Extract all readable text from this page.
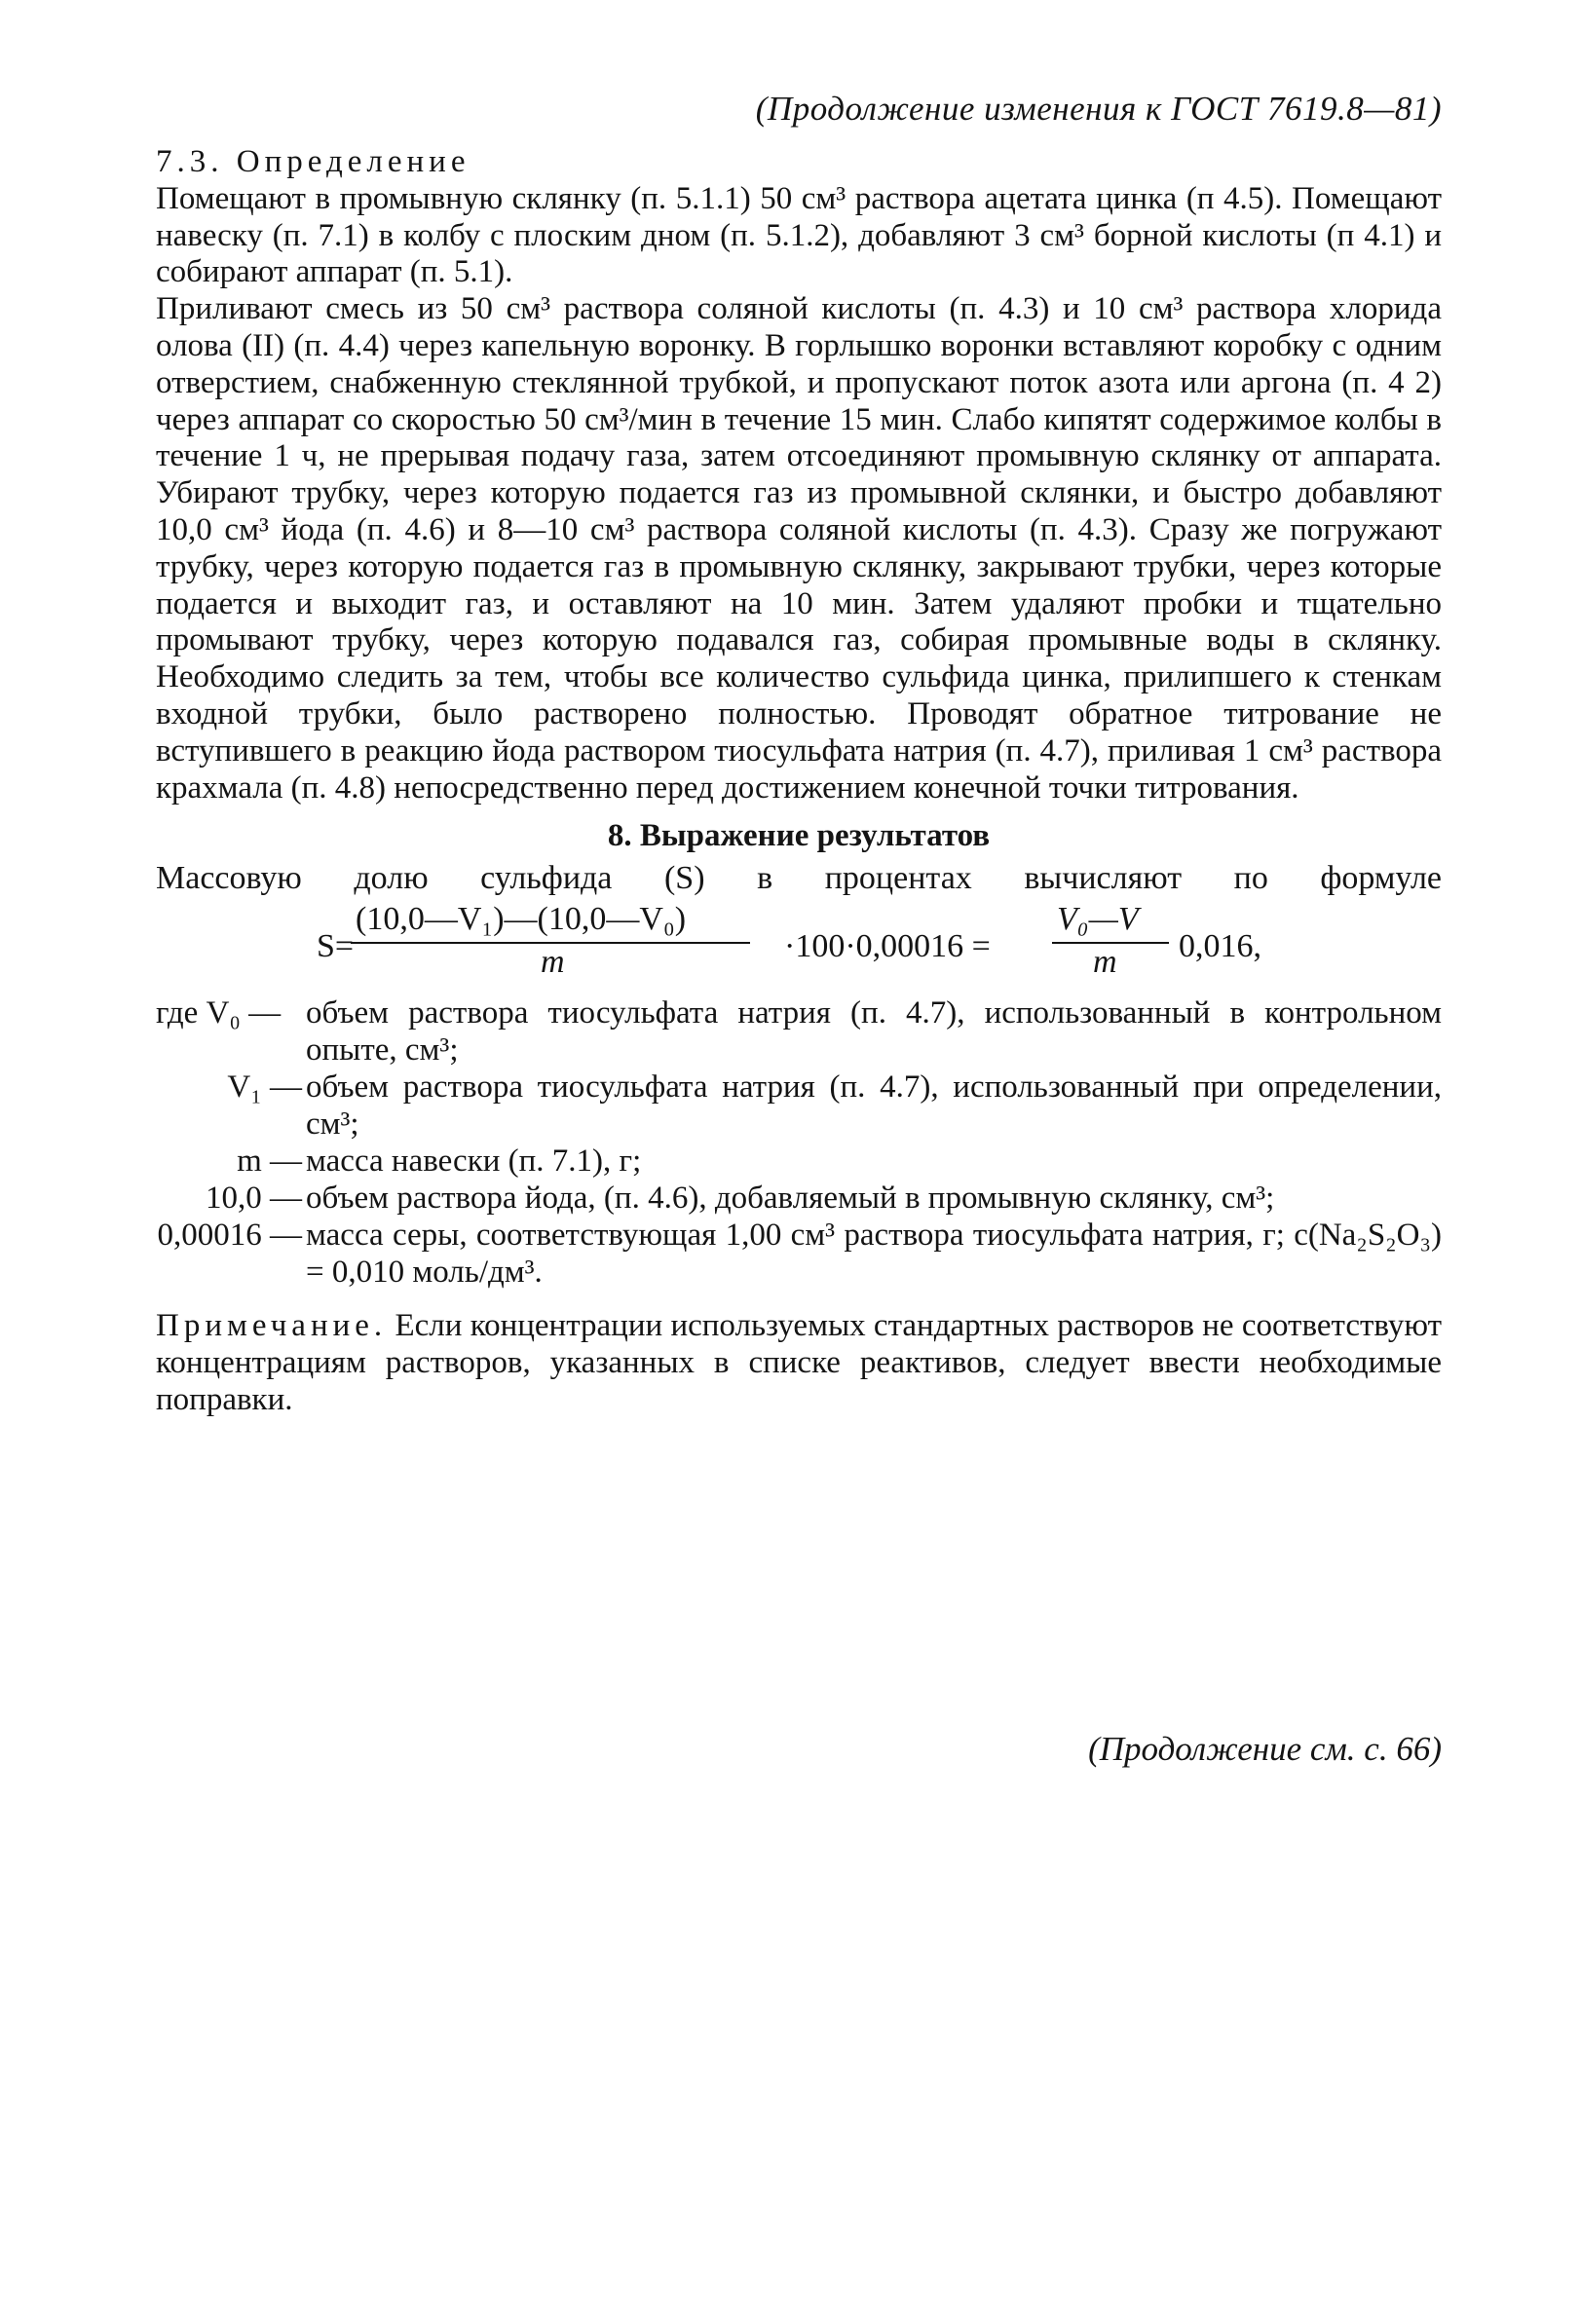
(Продолжение изменения к ГОСТ 7619.8—81)

7.3. Определение

Помещают в промывную склянку (п. 5.1.1) 50 см³ раствора ацетата цинка (п 4.5). Помещают навеску (п. 7.1) в колбу с плоским дном (п. 5.1.2), добавляют 3 см³ борной кислоты (п 4.1) и собирают аппарат (п. 5.1).

Приливают смесь из 50 см³ раствора соляной кислоты (п. 4.3) и 10 см³ раствора хлорида олова (II) (п. 4.4) через капельную воронку. В горлышко воронки вставляют коробку с одним отверстием, снабженную стеклянной трубкой, и пропускают поток азота или аргона (п. 4 2) через аппарат со скоростью 50 см³/мин в течение 15 мин. Слабо кипятят содержимое колбы в течение 1 ч, не прерывая подачу газа, затем отсоединяют промывную склянку от аппарата. Убирают трубку, через которую подается газ из промывной склянки, и быстро добавляют 10,0 см³ йода (п. 4.6) и 8—10 см³ раствора соляной кислоты (п. 4.3). Сразу же погружают трубку, через которую подается газ в промывную склянку, закрывают трубки, через которые подается и выходит газ, и оставляют на 10 мин. Затем удаляют пробки и тщательно промывают трубку, через которую подавался газ, собирая промывные воды в склянку. Необходимо следить за тем, чтобы все количество сульфида цинка, прилипшего к стенкам входной трубки, было растворено полностью. Проводят обратное титрование не вступившего в реакцию йода раствором тиосульфата натрия (п. 4.7), приливая 1 см³ раствора крахмала (п. 4.8) непосредственно перед достижением конечной точки титрования.

8. Выражение результатов

Массовую долю сульфида (S) в процентах вычисляют по формуле

S=
(10,0—V₁)—(10,0—V₀)
m	·100·0,00016 =
V₀—V
m 0,016,
где V₀ — объем раствора тиосульфата натрия (п. 4.7), использованный в контрольном опыте, см³;
V₁ — объем раствора тиосульфата натрия (п. 4.7), использованный при определении, см³;
m — масса навески (п. 7.1), г;
10,0 — объем раствора йода, (п. 4.6), добавляемый в промывную склянку, см³;
0,00016 — масса серы, соответствующая 1,00 см³ раствора тиосульфата натрия, г; c(Na₂S₂O₃) = 0,010 моль/дм³.

Примечание. Если концентрации используемых стандартных растворов не соответствуют концентрациям растворов, указанных в списке реактивов, следует ввести необходимые поправки.

(Продолжение см. с. 66)
